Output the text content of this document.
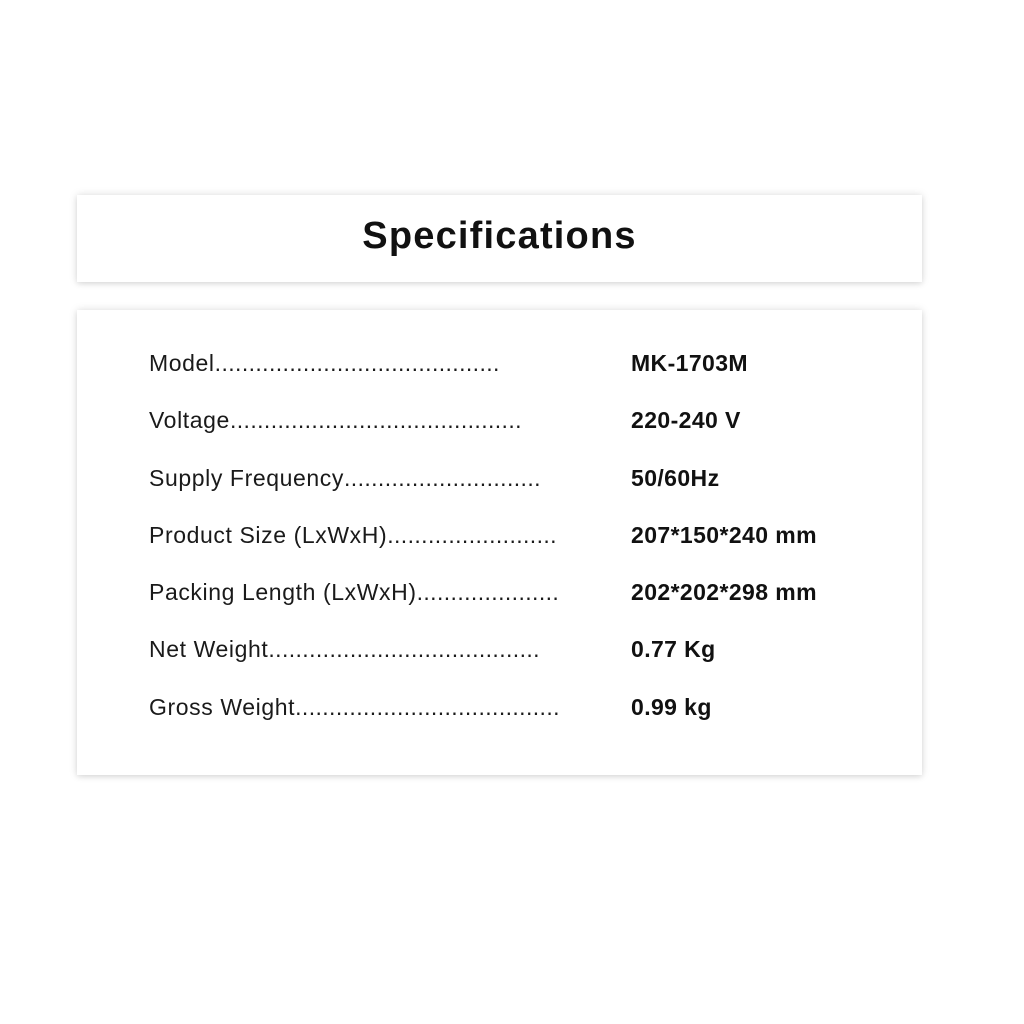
Specifications
Model..........................................	MK-1703M
Voltage...........................................	220-240 V
Supply Frequency.............................	50/60Hz
Product Size (LxWxH).........................	207*150*240 mm
Packing Length (LxWxH).....................	202*202*298 mm
Net Weight........................................	0.77 Kg
Gross Weight.......................................	0.99 kg
